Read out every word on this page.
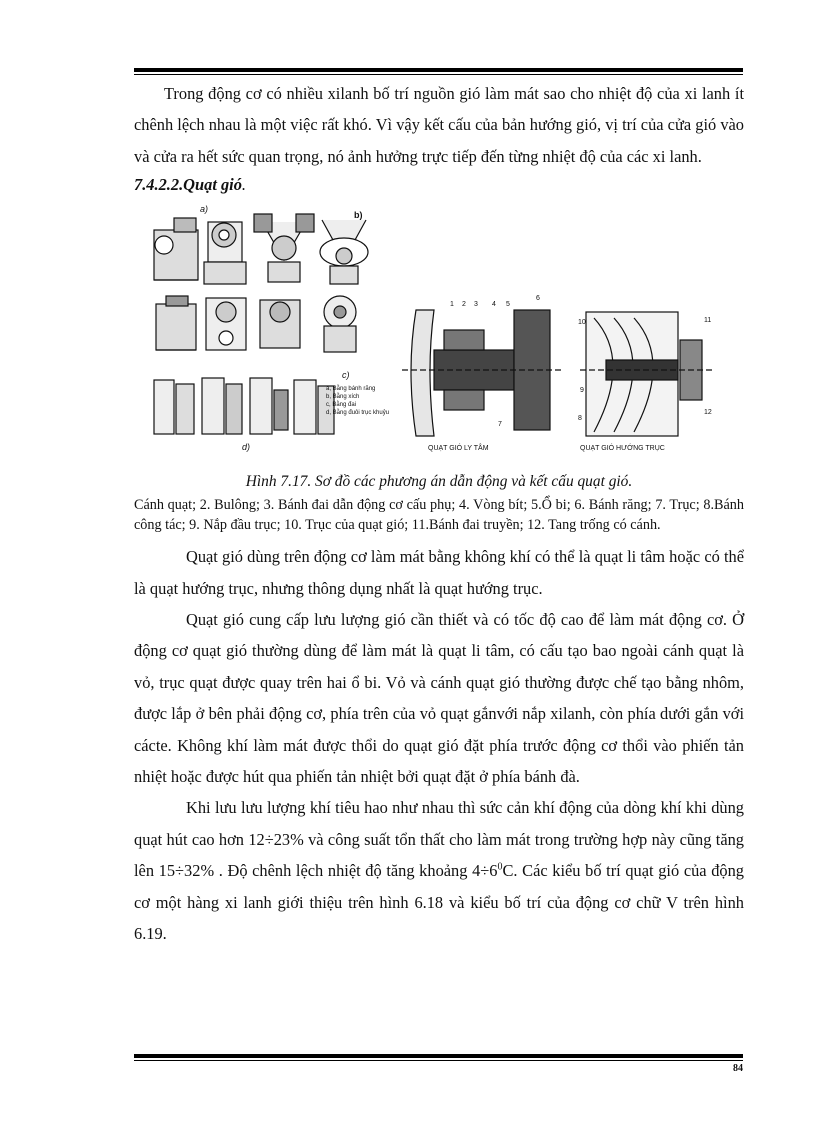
Trong động cơ có nhiều xilanh bố trí nguồn gió làm mát sao cho nhiệt độ của xi lanh ít chênh lệch nhau là một việc rất khó. Vì vậy kết cấu của bản hướng gió, vị trí của cửa gió vào và cửa ra hết sức quan trọng, nó ảnh hưởng trực tiếp đến từng nhiệt độ của các xi lanh.

7.4.2.2.Quạt gió.

a)
b)
c)
d)
a, Bằng bánh răng
b, Bằng xích
c, Bằng đai
d, Bằng đuôi trục khuỷu
1 2 3 4 5
6
7
10	11
9
8
12
QUẠT GIÓ LY TÂM	QUẠT GIÓ HƯỚNG TRỤC

Hình 7.17. Sơ đồ các phương án dẫn động và kết cấu quạt gió.

Cánh quạt; 2. Bulông; 3. Bánh đai dẫn động cơ cấu phụ; 4. Vòng bít; 5.Ổ bi; 6. Bánh răng; 7. Trục; 8.Bánh công tác; 9. Nắp đầu trục; 10. Trục của quạt gió; 11.Bánh đai truyền; 12. Tang trống có cánh.

Quạt gió dùng trên động cơ làm mát bằng không khí có thể là quạt li tâm hoặc có thể là quạt hướng trục, nhưng thông dụng nhất là quạt hướng trục.

Quạt gió cung cấp lưu lượng gió cần thiết và có tốc độ cao để làm mát động cơ. Ở động cơ quạt gió thường dùng để làm mát là quạt li tâm, có cấu tạo bao ngoài cánh quạt là vỏ, trục quạt được quay trên hai ổ bi. Vỏ và cánh quạt gió thường được chế tạo bằng nhôm, được lắp ở bên phải động cơ, phía trên của vỏ quạt gắnvới nắp xilanh, còn phía dưới gắn với cácte. Không khí làm mát được thổi do quạt gió đặt phía trước động cơ thổi vào phiến tản nhiệt hoặc được hút qua phiến tản nhiệt bởi quạt đặt ở phía bánh đà.

Khi lưu lưu lượng khí tiêu hao như nhau thì sức cản khí động của dòng khí khi dùng quạt hút cao hơn 12÷23% và công suất tổn thất cho làm mát trong trường hợp này cũng tăng lên 15÷32% . Độ chênh lệch nhiệt độ tăng khoảng $4\div 6^0C$. Các kiểu bố trí quạt gió của động cơ một hàng xi lanh giới thiệu trên hình 6.18 và kiểu bố trí của động cơ chữ V trên hình 6.19.

84
